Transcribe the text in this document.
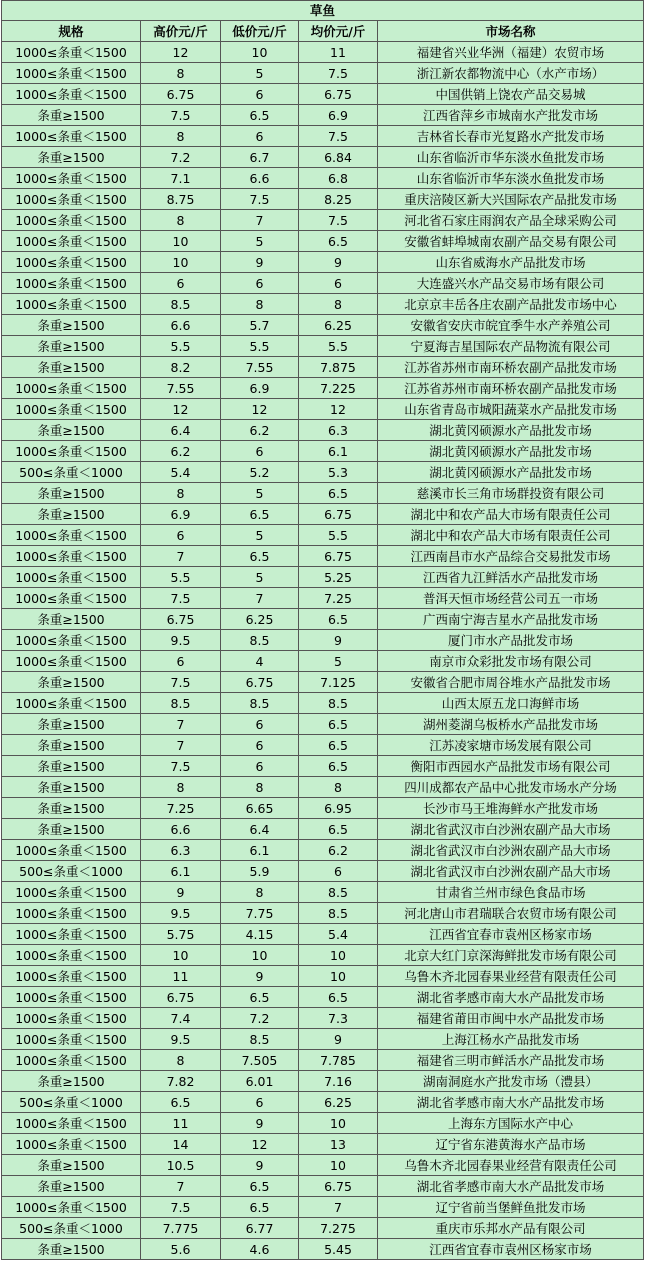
草鱼				
规格	高价元/斤	低价元/斤	均价元/斤	市场名称
1000≤条重＜1500	12	10	11	福建省兴业华洲（福建）农贸市场
1000≤条重＜1500	8	5	7.5	浙江新农都物流中心（水产市场）
1000≤条重＜1500	6.75	6	6.75	中国供销上饶农产品交易城
条重≥1500	7.5	6.5	6.9	江西省萍乡市城南水产批发市场
1000≤条重＜1500	8	6	7.5	吉林省长春市光复路水产批发市场
条重≥1500	7.2	6.7	6.84	山东省临沂市华东淡水鱼批发市场
1000≤条重＜1500	7.1	6.6	6.8	山东省临沂市华东淡水鱼批发市场
1000≤条重＜1500	8.75	7.5	8.25	重庆涪陵区新大兴国际农产品批发市场
1000≤条重＜1500	8	7	7.5	河北省石家庄雨润农产品全球采购公司
1000≤条重＜1500	10	5	6.5	安徽省蚌埠城南农副产品交易有限公司
1000≤条重＜1500	10	9	9	山东省威海水产品批发市场
1000≤条重＜1500	6	6	6	大连盛兴水产品交易市场有限公司
1000≤条重＜1500	8.5	8	8	北京京丰岳各庄农副产品批发市场中心
条重≥1500	6.6	5.7	6.25	安徽省安庆市皖宜季牛水产养殖公司
条重≥1500	5.5	5.5	5.5	宁夏海吉星国际农产品物流有限公司
条重≥1500	8.2	7.55	7.875	江苏省苏州市南环桥农副产品批发市场
1000≤条重＜1500	7.55	6.9	7.225	江苏省苏州市南环桥农副产品批发市场
1000≤条重＜1500	12	12	12	山东省青岛市城阳蔬菜水产品批发市场
条重≥1500	6.4	6.2	6.3	湖北黄冈硕源水产品批发市场
1000≤条重＜1500	6.2	6	6.1	湖北黄冈硕源水产品批发市场
500≤条重＜1000	5.4	5.2	5.3	湖北黄冈硕源水产品批发市场
条重≥1500	8	5	6.5	慈溪市长三角市场群投资有限公司
条重≥1500	6.9	6.5	6.75	湖北中和农产品大市场有限责任公司
1000≤条重＜1500	6	5	5.5	湖北中和农产品大市场有限责任公司
1000≤条重＜1500	7	6.5	6.75	江西南昌市水产品综合交易批发市场
1000≤条重＜1500	5.5	5	5.25	江西省九江鲜活水产品批发市场
1000≤条重＜1500	7.5	7	7.25	普洱天恒市场经营公司五一市场
条重≥1500	6.75	6.25	6.5	广西南宁海吉星水产品批发市场
1000≤条重＜1500	9.5	8.5	9	厦门市水产品批发市场
1000≤条重＜1500	6	4	5	南京市众彩批发市场有限公司
条重≥1500	7.5	6.75	7.125	安徽省合肥市周谷堆水产品批发市场
1000≤条重＜1500	8.5	8.5	8.5	山西太原五龙口海鲜市场
条重≥1500	7	6	6.5	湖州菱湖乌板桥水产品批发市场
条重≥1500	7	6	6.5	江苏凌家塘市场发展有限公司
条重≥1500	7.5	6	6.5	衡阳市西园水产品批发市场有限公司
条重≥1500	8	8	8	四川成都农产品中心批发市场水产分场
条重≥1500	7.25	6.65	6.95	长沙市马王堆海鲜水产批发市场
条重≥1500	6.6	6.4	6.5	湖北省武汉市白沙洲农副产品大市场
1000≤条重＜1500	6.3	6.1	6.2	湖北省武汉市白沙洲农副产品大市场
500≤条重＜1000	6.1	5.9	6	湖北省武汉市白沙洲农副产品大市场
1000≤条重＜1500	9	8	8.5	甘肃省兰州市绿色食品市场
1000≤条重＜1500	9.5	7.75	8.5	河北唐山市君瑞联合农贸市场有限公司
1000≤条重＜1500	5.75	4.15	5.4	江西省宜春市袁州区杨家市场
1000≤条重＜1500	10	10	10	北京大红门京深海鲜批发市场有限公司
1000≤条重＜1500	11	9	10	乌鲁木齐北园春果业经营有限责任公司
1000≤条重＜1500	6.75	6.5	6.5	湖北省孝感市南大水产品批发市场
1000≤条重＜1500	7.4	7.2	7.3	福建省莆田市闽中水产品批发市场
1000≤条重＜1500	9.5	8.5	9	上海江杨水产品批发市场
1000≤条重＜1500	8	7.505	7.785	福建省三明市鲜活水产品批发市场
条重≥1500	7.82	6.01	7.16	湖南洞庭水产批发市场（澧县）
500≤条重＜1000	6.5	6	6.25	湖北省孝感市南大水产品批发市场
1000≤条重＜1500	11	9	10	上海东方国际水产中心
1000≤条重＜1500	14	12	13	辽宁省东港黄海水产品市场
条重≥1500	10.5	9	10	乌鲁木齐北园春果业经营有限责任公司
条重≥1500	7	6.5	6.75	湖北省孝感市南大水产品批发市场
1000≤条重＜1500	7.5	6.5	7	辽宁省前当堡鲜鱼批发市场
500≤条重＜1000	7.775	6.77	7.275	重庆市乐邦水产品有限公司
条重≥1500	5.6	4.6	5.45	江西省宜春市袁州区杨家市场
